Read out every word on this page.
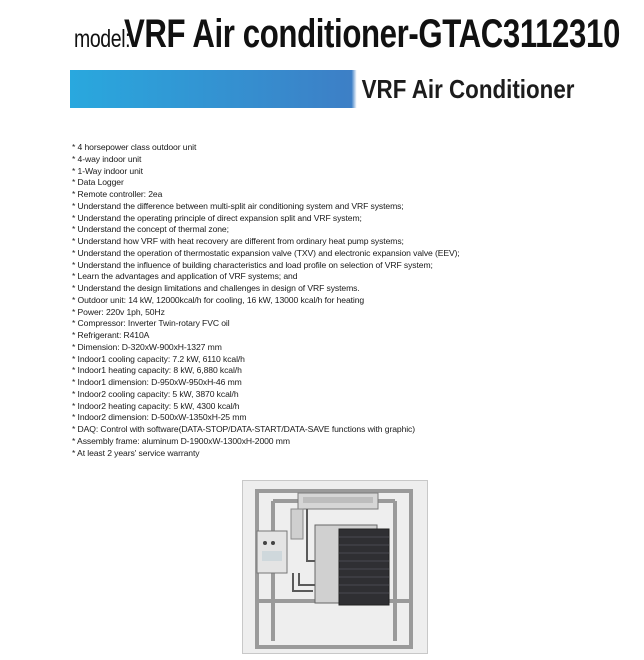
model:VRF Air conditioner-GTAC3112310
VRF Air Conditioner
* 4 horsepower class outdoor unit
* 4-way indoor unit
* 1-Way indoor unit
* Data Logger
* Remote controller: 2ea
* Understand the difference between multi-split air conditioning system and VRF systems;
* Understand the operating principle of direct expansion split and VRF system;
* Understand the concept of thermal zone;
* Understand how VRF with heat recovery are different from ordinary heat pump systems;
* Understand the operation of thermostatic expansion valve (TXV) and electronic expansion valve (EEV);
* Understand the influence of building characteristics and load profile on selection of VRF system;
* Learn the advantages and application of VRF systems; and
* Understand the design limitations and challenges in design of VRF systems.
* Outdoor unit: 14 kW, 12000kcal/h for cooling, 16 kW, 13000 kcal/h for heating
* Power: 220v 1ph, 50Hz
* Compressor: Inverter Twin-rotary FVC oil
* Refrigerant: R410A
* Dimension: D-320xW-900xH-1327 mm
* Indoor1 cooling capacity: 7.2 kW, 6110 kcal/h
* Indoor1 heating capacity: 8 kW, 6,880 kcal/h
* Indoor1 dimension: D-950xW-950xH-46 mm
* Indoor2 cooling capacity: 5 kW, 3870 kcal/h
* Indoor2 heating capacity: 5 kW, 4300 kcal/h
* Indoor2 dimension: D-500xW-1350xH-25 mm
* DAQ: Control with software(DATA-STOP/DATA-START/DATA-SAVE functions with graphic)
* Assembly frame: aluminum D-1900xW-1300xH-2000 mm
* At least 2 years' service warranty
